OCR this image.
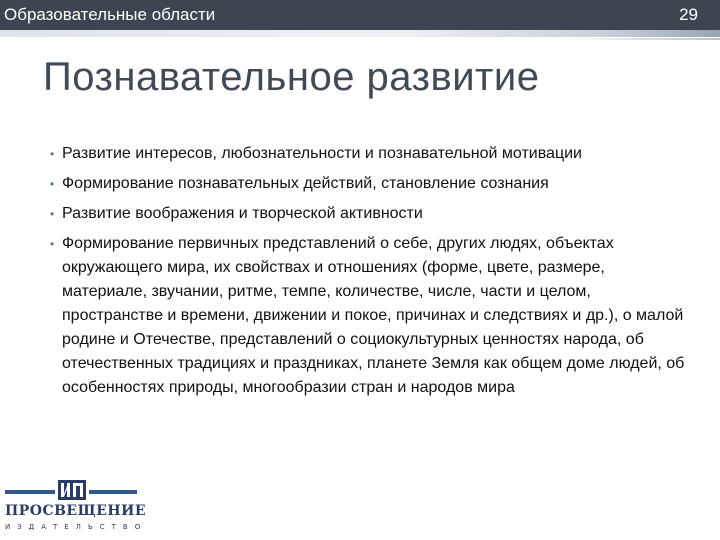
Образовательные области	29
Познавательное развитие
• Развитие интересов, любознательности и познавательной мотивации
• Формирование познавательных действий, становление сознания
• Развитие воображения и творческой активности
• Формирование первичных представлений о себе, других людях, объектах окружающего мира, их свойствах и отношениях (форме, цвете, размере, материале, звучании, ритме, темпе, количестве, числе, части и целом, пространстве и времени, движении и покое, причинах и следствиях и др.), о малой родине и Отечестве, представлений о социокультурных ценностях народа, об отечественных традициях и праздниках, планете Земля как общем доме людей, об особенностях природы, многообразии стран и народов мира
ПРОСВЕЩЕНИЕ
ИЗДАТЕЛЬСТВО
